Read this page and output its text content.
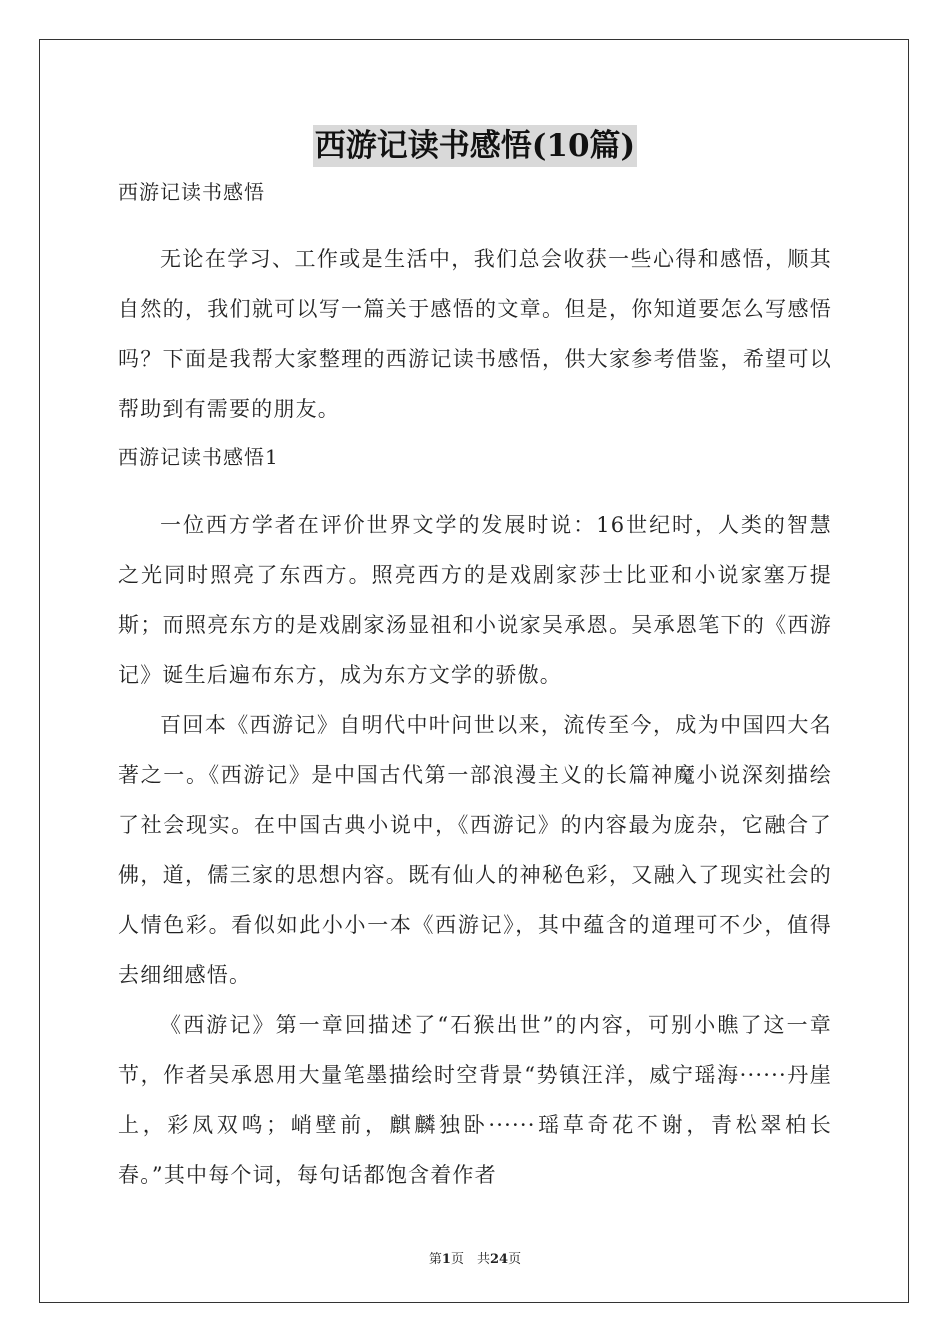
西游记读书感悟(10篇)

西游记读书感悟

无论在学习、工作或是生活中，我们总会收获一些心得和感悟，顺其自然的，我们就可以写一篇关于感悟的文章。但是，你知道要怎么写感悟吗？下面是我帮大家整理的西游记读书感悟，供大家参考借鉴，希望可以帮助到有需要的朋友。

西游记读书感悟1

一位西方学者在评价世界文学的发展时说：16世纪时，人类的智慧之光同时照亮了东西方。照亮西方的是戏剧家莎士比亚和小说家塞万提斯；而照亮东方的是戏剧家汤显祖和小说家吴承恩。吴承恩笔下的《西游记》诞生后遍布东方，成为东方文学的骄傲。

百回本《西游记》自明代中叶问世以来，流传至今，成为中国四大名著之一。《西游记》是中国古代第一部浪漫主义的长篇神魔小说深刻描绘了社会现实。在中国古典小说中，《西游记》的内容最为庞杂，它融合了佛，道，儒三家的思想内容。既有仙人的神秘色彩，又融入了现实社会的人情色彩。看似如此小小一本《西游记》，其中蕴含的道理可不少，值得去细细感悟。

《西游记》第一章回描述了“石猴出世”的内容，可别小瞧了这一章节，作者吴承恩用大量笔墨描绘时空背景“势镇汪洋，威宁瑶海······丹崖上，彩凤双鸣；峭壁前，麒麟独卧······瑶草奇花不谢，青松翠柏长春。”其中每个词，每句话都饱含着作者

第1页　共24页
